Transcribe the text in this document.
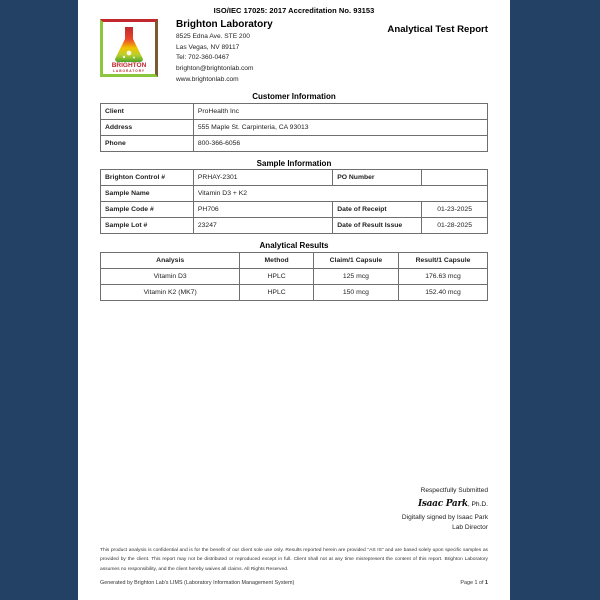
ISO/IEC 17025: 2017 Accreditation No. 93153
BRIGHTON
LABORATORY
Brighton Laboratory
8525 Edna Ave. STE 200
Las Vegas, NV 89117
Tel: 702-360-0467
brighton@brightonlab.com
www.brightonlab.com
Analytical Test Report
Customer Information
Client	ProHealth Inc
Address	555 Maple St. Carpinteria, CA 93013
Phone	800-366-6056
Sample Information
Brighton Control #	PRHAY-2301	PO Number	
Sample Name	Vitamin D3 + K2		
Sample Code #	PH706	Date of Receipt	01-23-2025
Sample Lot #	23247	Date of Result Issue	01-28-2025
Analytical Results
Analysis	Method	Claim/1 Capsule	Result/1 Capsule
Vitamin D3	HPLC	125 mcg	176.63 mcg
Vitamin K2 (MK7)	HPLC	150 mcg	152.40 mcg
Respectfully Submitted
Isaac Park, Ph.D.
Digitally signed by Isaac Park
Lab Director
This product analysis is confidential and is for the benefit of our client sole use only. Results reported herein are provided "AS IS" and are based solely upon specific samples as provided by the client. This report may not be distributed or reproduced except in full. Client shall not at any time misrepresent the content of this report. Brighton Laboratory assumes no responsibility, and the client hereby waives all claims. All Rights Reserved.
Generated by Brighton Lab's LIMS (Laboratory Information Management System)	Page 1 of 1
